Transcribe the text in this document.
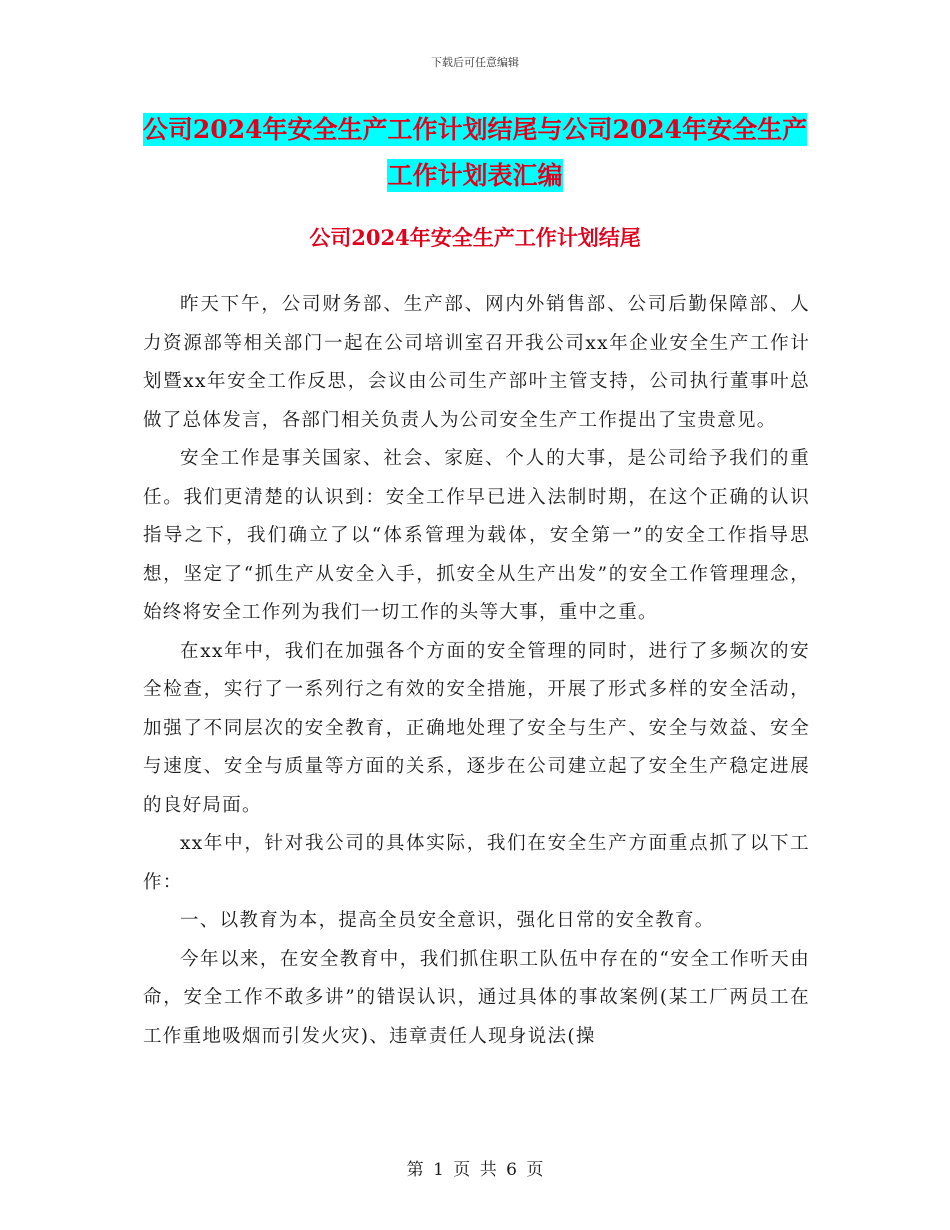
下载后可任意编辑
公司2024年安全生产工作计划结尾与公司2024年安全生产工作计划表汇编
公司2024年安全生产工作计划结尾

昨天下午，公司财务部、生产部、网内外销售部、公司后勤保障部、人力资源部等相关部门一起在公司培训室召开我公司xx年企业安全生产工作计划暨xx年安全工作反思，会议由公司生产部叶主管支持，公司执行董事叶总做了总体发言，各部门相关负责人为公司安全生产工作提出了宝贵意见。

安全工作是事关国家、社会、家庭、个人的大事，是公司给予我们的重任。我们更清楚的认识到：安全工作早已进入法制时期，在这个正确的认识指导之下，我们确立了以“体系管理为载体，安全第一”的安全工作指导思想，坚定了“抓生产从安全入手，抓安全从生产出发”的安全工作管理理念，始终将安全工作列为我们一切工作的头等大事，重中之重。

在xx年中，我们在加强各个方面的安全管理的同时，进行了多频次的安全检查，实行了一系列行之有效的安全措施，开展了形式多样的安全活动，加强了不同层次的安全教育，正确地处理了安全与生产、安全与效益、安全与速度、安全与质量等方面的关系，逐步在公司建立起了安全生产稳定进展的良好局面。

xx年中，针对我公司的具体实际，我们在安全生产方面重点抓了以下工作：

一、以教育为本，提高全员安全意识，强化日常的安全教育。

今年以来，在安全教育中，我们抓住职工队伍中存在的“安全工作听天由命，安全工作不敢多讲”的错误认识，通过具体的事故案例(某工厂两员工在工作重地吸烟而引发火灾)、违章责任人现身说法(操

第 1 页 共 6 页
